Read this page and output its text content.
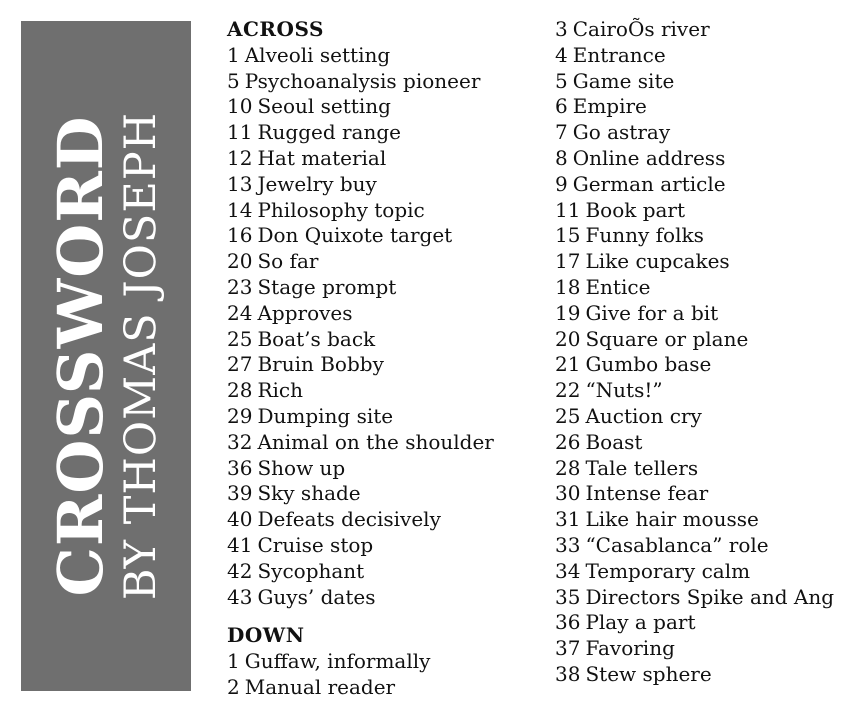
CROSSWORD BY THOMAS JOSEPH
ACROSS
1 Alveoli setting
5 Psychoanalysis pioneer
10 Seoul setting
11 Rugged range
12 Hat material
13 Jewelry buy
14 Philosophy topic
16 Don Quixote target
20 So far
23 Stage prompt
24 Approves
25 Boat’s back
27 Bruin Bobby
28 Rich
29 Dumping site
32 Animal on the shoulder
36 Show up
39 Sky shade
40 Defeats decisively
41 Cruise stop
42 Sycophant
43 Guys’ dates
DOWN
1 Guffaw, informally
2 Manual reader
3 CairoÕs river
4 Entrance
5 Game site
6 Empire
7 Go astray
8 Online address
9 German article
11 Book part
15 Funny folks
17 Like cupcakes
18 Entice
19 Give for a bit
20 Square or plane
21 Gumbo base
22 “Nuts!”
25 Auction cry
26 Boast
28 Tale tellers
30 Intense fear
31 Like hair mousse
33 “Casablanca” role
34 Temporary calm
35 Directors Spike and Ang
36 Play a part
37 Favoring
38 Stew sphere
